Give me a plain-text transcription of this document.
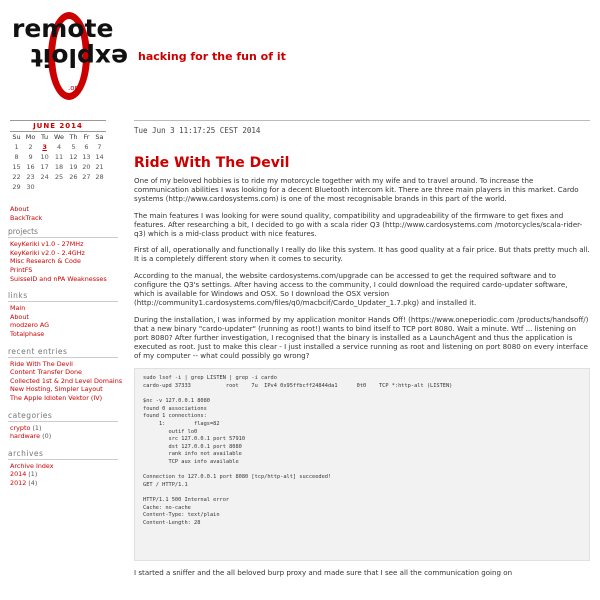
remote
exploit
.org
hacking for the fun of it
JUNE 2014
Su	Mo	Tu	We	Th	Fr	Sa
1	2	3	4	5	6	7
8	9	10	11	12	13	14
15	16	17	18	19	20	21
22	23	24	25	26	27	28
29	30					
About
BackTrack
projects
KeyKeriki v1.0 - 27MHz
KeyKeriki v2.0 - 2.4GHz
Misc Research & Code
PrintFS
SuisseID and nPA Weaknesses
links
Main
About
modzero AG
Totalphase
recent entries
Ride With The Devil
Content Transfer Done
Collected 1st & 2nd Level Domains
New Hosting, Simpler Layout
The Apple Idioten Vektor (IV)
categories
crypto (1)
hardware (0)
archives
Archive Index
2014 (1)
2012 (4)
Tue Jun 3 11:17:25 CEST 2014
Ride With The Devil

One of my beloved hobbies is to ride my motorcycle together with my wife and to travel around. To increase the communication abilities I was looking for a decent Bluetooth intercom kit. There are three main players in this market. Cardo systems (http://www.cardosystems.com) is one of the most recognisable brands in this part of the world.

The main features I was looking for were sound quality, compatibility and upgradeability of the firmware to get fixes and features. After researching a bit, I decided to go with a scala rider Q3 (http://www.cardosystems.com /motorcycles/scala-rider-q3) which is a mid-class product with nice features.

First of all, operationally and functionally I really do like this system. It has good quality at a fair price. But thats pretty much all. It is a completely different story when it comes to security.

According to the manual, the website cardosystems.com/upgrade can be accessed to get the required software and to configure the Q3's settings. After having access to the community, I could download the required cardo-updater software, which is available for Windows and OSX. So I download the OSX version (http://community1.cardosystems.com/files/q0/macbcif/Cardo_Updater_1.7.pkg) and installed it.

During the installation, I was informed by my application monitor Hands Off! (https://www.oneperiodic.com /products/handsoff/) that a new binary "cardo-updater" (running as root!) wants to bind itself to TCP port 8080. Wait a minute. Wtf ... listening on port 8080? After further investigation, I recognised that the binary is installed as a LaunchAgent and thus the application is executed as root. Just to make this clear - I just installed a service running as root and listening on port 8080 on every interface of my computer -- what could possibly go wrong?

sudo lsof -i | grep LISTEN | grep -i cardo
cardo-upd 37333           root    7u  IPv4 0x95ffbcff24844da1      0t0    TCP *:http-alt (LISTEN)

$nc -v 127.0.0.1 8080
found 0 associations
found 1 connections:
1:         flags=82
outif lo0
src 127.0.0.1 port 57910
dst 127.0.0.1 port 8080
rank info not available
TCP aux info available

Connection to 127.0.0.1 port 8080 [tcp/http-alt] succeeded!
GET / HTTP/1.1

HTTP/1.1 500 Internal error
Cache: no-cache
Content-Type: text/plain
Content-Length: 28

I started a sniffer and the all beloved burp proxy and made sure that I see all the communication going on
